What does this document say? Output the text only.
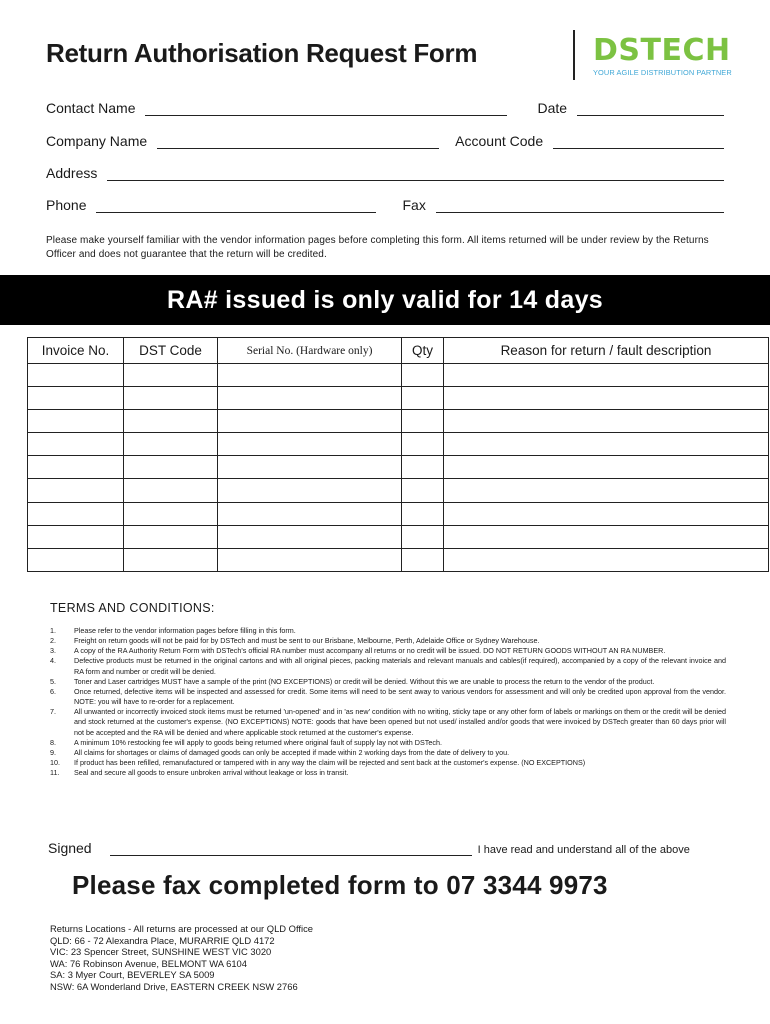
Return Authorisation Request Form	DSTECH
YOUR AGILE DISTRIBUTION PARTNER
Contact Name	Date
Company Name	Account Code
Address
Phone	Fax
Please make yourself familiar with the vendor information pages before completing this form. All items returned will be under review by the Returns Officer and does not guarantee that the return will be credited.
RA# issued is only valid for 14 days
Invoice No.	DST Code	Serial No. (Hardware only)	Qty	Reason for return / fault description

TERMS AND CONDITIONS:
1.	Please refer to the vendor information pages before filling in this form.
2.	Freight on return goods will not be paid for by DSTech and must be sent to our Brisbane, Melbourne, Perth, Adelaide Office or Sydney Warehouse.
3.	A copy of the RA Authority Return Form with DSTech's official RA number must accompany all returns or no credit will be issued. DO NOT RETURN GOODS WITHOUT AN RA NUMBER.
4.	Defective products must be returned in the original cartons and with all original pieces, packing materials and relevant manuals and cables(if required), accompanied by a copy of the relevant invoice and RA form and number or credit will be denied.
5.	Toner and Laser cartridges MUST have a sample of the print (NO EXCEPTIONS) or credit will be denied. Without this we are unable to process the return to the vendor of the product.
6.	Once returned, defective items will be inspected and assessed for credit. Some items will need to be sent away to various vendors for assessment and will only be credited upon approval from the vendor. NOTE: you will have to re-order for a replacement.
7.	All unwanted or incorrectly invoiced stock items must be returned 'un-opened' and in 'as new' condition with no writing, sticky tape or any other form of labels or markings on them or the credit will be denied and stock returned at the customer's expense. (NO EXCEPTIONS) NOTE: goods that have been opened but not used/ installed and/or goods that were invoiced by DSTech greater than 60 days prior will not be accepted and the RA will be denied and where applicable stock returned at the customer's expense.
8.	A minimum 10% restocking fee will apply to goods being returned where original fault of supply lay not with DSTech.
9.	All claims for shortages or claims of damaged goods can only be accepted if made within 2 working days from the date of delivery to you.
10.	If product has been refilled, remanufactured or tampered with in any way the claim will be rejected and sent back at the customer's expense. (NO EXCEPTIONS)
11.	Seal and secure all goods to ensure unbroken arrival without leakage or loss in transit.
Signed	I have read and understand all of the above
Please fax completed form to 07 3344 9973
Returns Locations - All returns are processed at our QLD Office
QLD: 66 - 72 Alexandra Place, MURARRIE QLD 4172
VIC: 23 Spencer Street, SUNSHINE WEST VIC 3020
WA: 76 Robinson Avenue, BELMONT WA 6104
SA: 3 Myer Court, BEVERLEY SA 5009
NSW: 6A Wonderland Drive, EASTERN CREEK NSW 2766
